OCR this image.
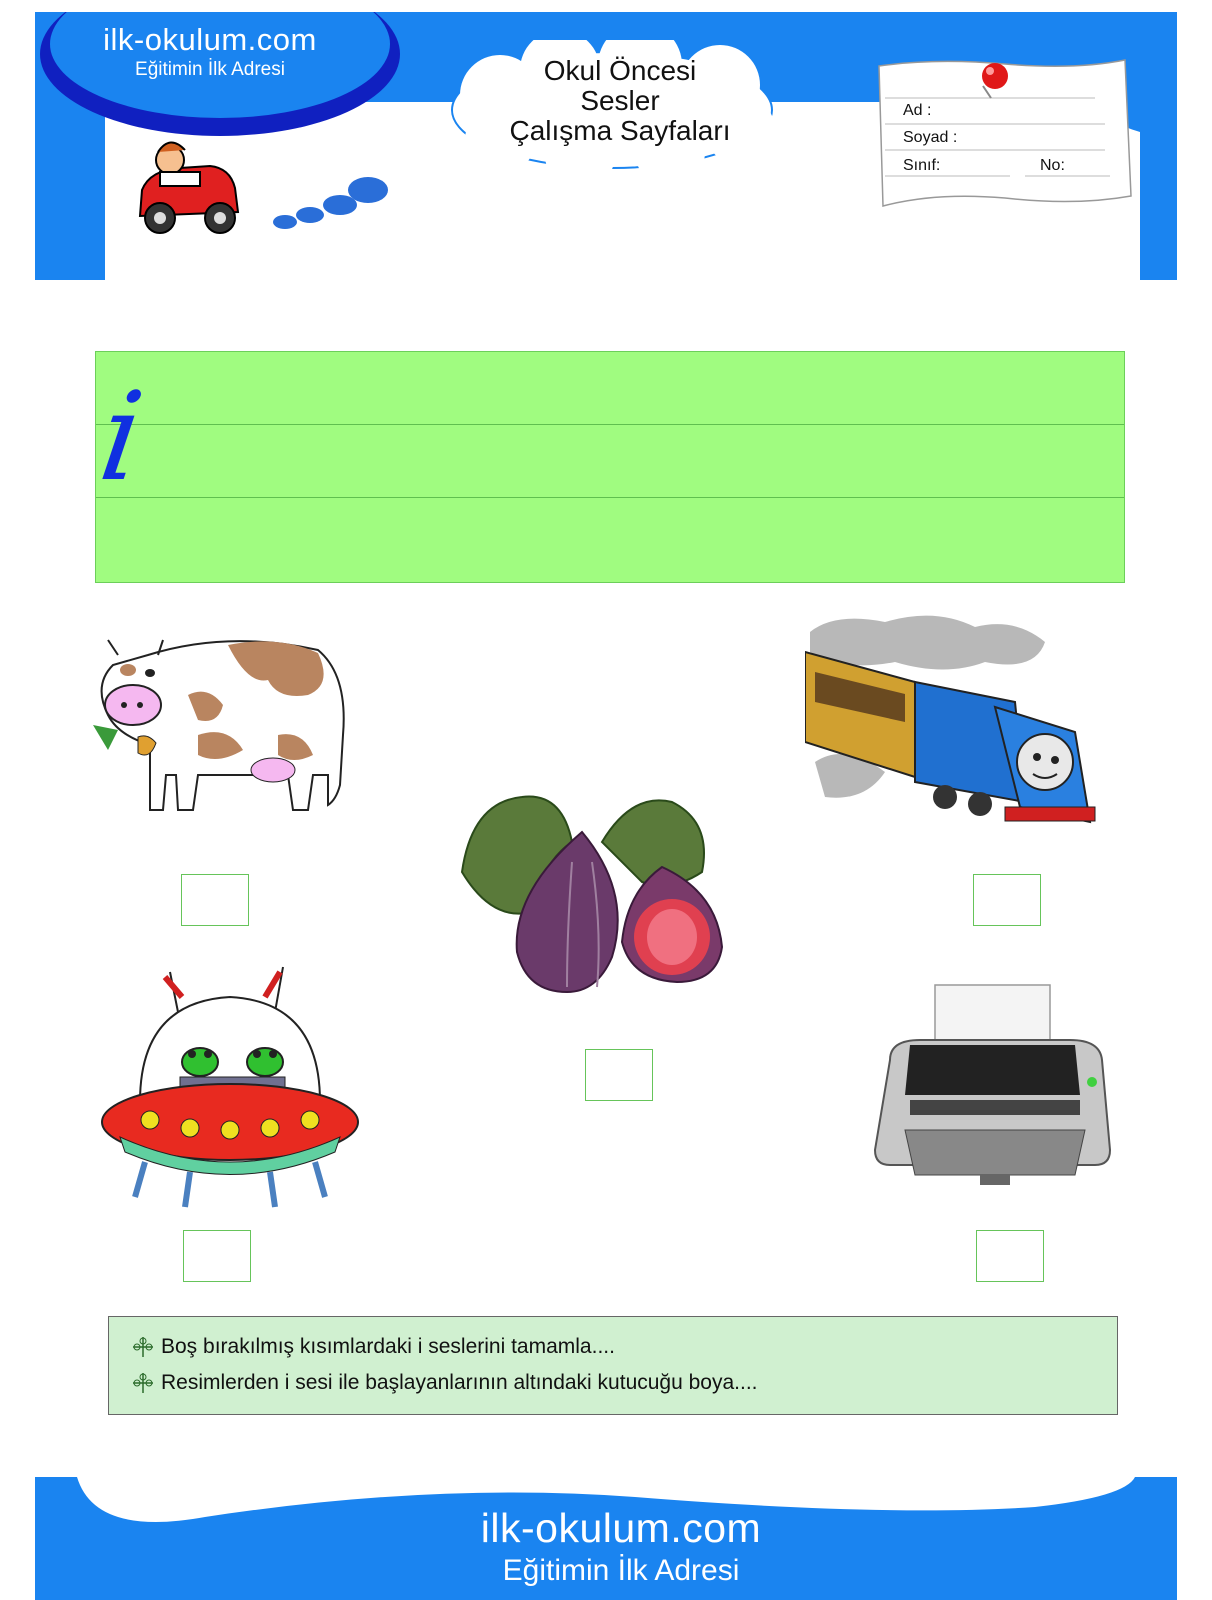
ilk-okulum.com
Eğitimin İlk Adresi	Okul Öncesi
Sesler
Çalışma Sayfaları
Ad :
Soyad :
Sınıf:	No:
i
Boş bırakılmış kısımlardaki i seslerini tamamla....
Resimlerden i sesi ile başlayanlarının altındaki kutucuğu boya....
ilk-okulum.com
Eğitimin İlk Adresi
